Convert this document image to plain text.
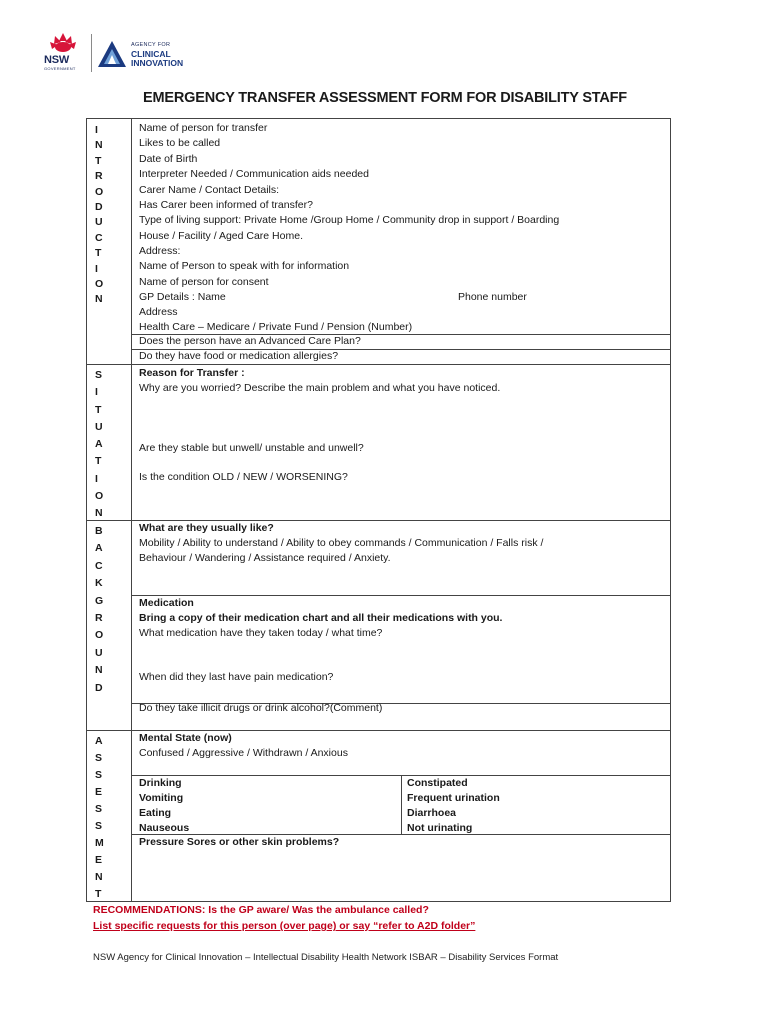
NSW
GOVERNMENT
AGENCY FOR
CLINICAL
INNOVATION
EMERGENCY TRANSFER ASSESSMENT FORM FOR DISABILITY STAFF
I
N
T
R
O
D
U
C
T
I
O
N
Name of person for transfer
Likes to be called
Date of Birth
Interpreter Needed / Communication aids needed
Carer Name / Contact Details:
Has Carer been informed of transfer?
Type of living support: Private Home /Group Home / Community drop in support / Boarding
House / Facility / Aged Care Home.
Address:
Name of Person to speak with for information
Name of person for consent
GP Details : Name	Phone number
Address
Health Care – Medicare / Private Fund / Pension (Number)
Does the person have an Advanced Care Plan?
Do they have food or medication allergies?
S
I
T
U
A
T
I
O
N
Reason for Transfer :
Why are you worried? Describe the main problem and what you have noticed.
Are they stable but unwell/ unstable and unwell?
Is the condition OLD / NEW / WORSENING?
B
A
C
K
G
R
O
U
N
D
What are they usually like?
Mobility / Ability to understand / Ability to obey commands / Communication / Falls risk /
Behaviour / Wandering / Assistance required / Anxiety.
Medication
Bring a copy of their medication chart and all their medications with you.
What medication have they taken today / what time?
When did they last have pain medication?
Do they take illicit drugs or drink alcohol?(Comment)
A
S
S
E
S
S
M
E
N
T
Mental State (now)
Confused / Aggressive / Withdrawn / Anxious
Drinking
Vomiting
Eating
Nauseous
Constipated
Frequent urination
Diarrhoea
Not urinating
Pressure Sores or other skin problems?
RECOMMENDATIONS: Is the GP aware/ Was the ambulance called?
List specific requests for this person (over page) or say “refer to A2D folder”
NSW Agency for Clinical Innovation – Intellectual Disability Health Network ISBAR – Disability Services Format
